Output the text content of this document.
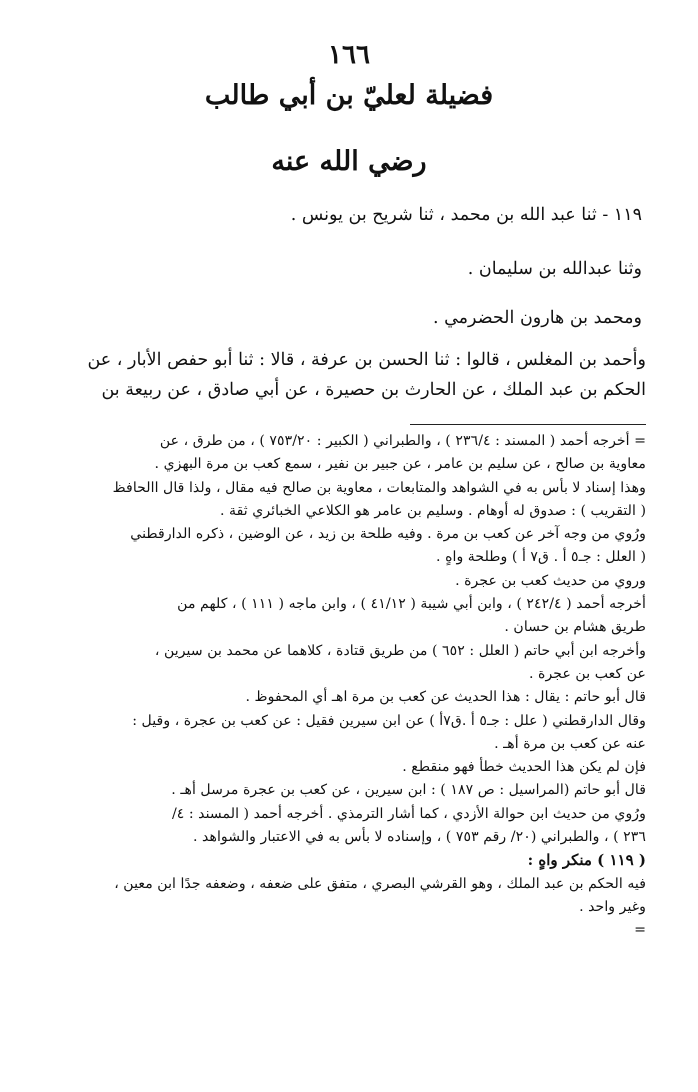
١٦٦
فضيلة لعليّ بن أبي طالب
رضي الله عنه
١١٩ - ثنا عبد الله بن محمد ، ثنا شريح بن يونس .
وثنا عبدالله بن سليمان .
ومحمد بن هارون الحضرمي .
وأحمد بن المغلس ، قالوا : ثنا الحسن بن عرفة ، قالا : ثنا أبو حفص الأبار ، عن
الحكم بن عبد الملك ، عن الحارث بن حصيرة ، عن أبي صادق ، عن ربيعة بن
= أخرجه أحمد ( المسند : ٢٣٦/٤ ) ، والطبراني ( الكبير : ٧٥٣/٢٠ ) ، من طرق ، عن
معاوية بن صالح ، عن سليم بن عامر ، عن جبير بن نفير ، سمع كعب بن مرة البهزي .
وهذا إسناد لا بأس به في الشواهد والمتابعات ، معاوية بن صالح فيه مقال ، ولذا قال االحافظ
( التقريب ) : صدوق له أوهام . وسليم بن عامر هو الكلاعي الخبائري ثقة .
ورُوي من وجه آخر عن كعب بن مرة . وفيه طلحة بن زيد ، عن الوضين ، ذكره الدارقطني
( العلل : جـ٥ أ . ق٧ أ ) وطلحة واهٍ .
وروي من حديث كعب بن عجرة .
أخرجه أحمد ( ٢٤٢/٤ ) ، وابن أبي شيبة ( ٤١/١٢ ) ، وابن ماجه ( ١١١ ) ، كلهم من
طريق هشام بن حسان .
وأخرجه ابن أبي حاتم ( العلل : ٦٥٢ ) من طريق قتادة ، كلاهما عن محمد بن سيرين ،
عن كعب بن عجرة .
قال أبو حاتم : يقال : هذا الحديث عن كعب بن مرة اهـ أي المحفوظ .
وقال الدارقطني ( علل : جـ٥ أ .ق٧أ ) عن ابن سيرين فقيل : عن كعب بن عجرة ، وقيل :
عنه عن كعب بن مرة أهـ .
فإن لم يكن هذا الحديث خطأ فهو منقطع .
قال أبو حاتم (المراسيل : ص ١٨٧ ) : ابن سيرين ، عن كعب بن عجرة مرسل أهـ .
ورُوي من حديث ابن حوالة الأزدي ، كما أشار الترمذي . أخرجه أحمد ( المسند : ٤/
٢٣٦ ) ، والطبراني (٢٠/ رقم ٧٥٣ ) ، وإسناده لا بأس به في الاعتبار والشواهد .
( ١١٩ ) منكر واهٍ :
فيه الحكم بن عبد الملك ، وهو القرشي البصري ، متفق على ضعفه ، وضعفه جدًا ابن معين ،
وغير واحد .
=
